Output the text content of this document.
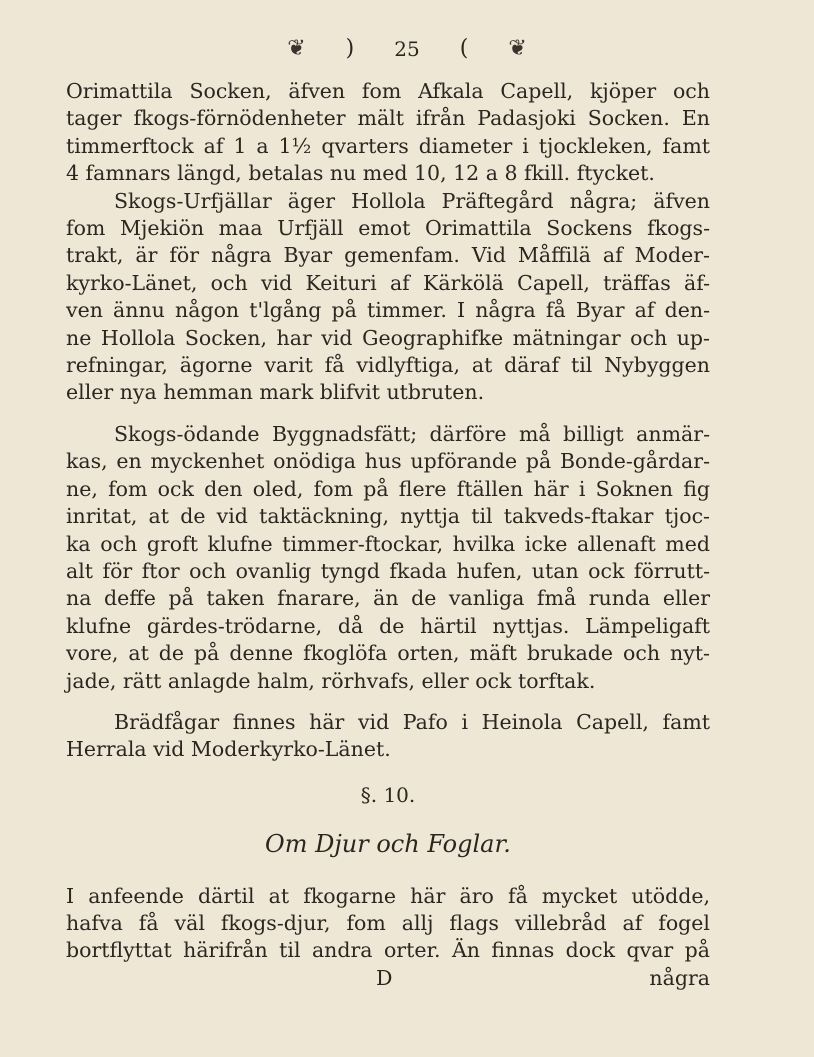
❦ ) 25 ( ❦

Orimattila Socken, äfven fom Afkala Capell, kjöper och

tager fkogs-förnödenheter mält ifrån Padasjoki Socken. En

timmerftock af 1 a 1½ qvarters diameter i tjockleken, famt

4 famnars längd, betalas nu med 10, 12 a 8 fkill. ftycket.

Skogs-Urfjällar äger Hollola Präftegård några; äfven

fom Mjekiön maa Urfjäll emot Orimattila Sockens fkogs-

trakt, är för några Byar gemenfam. Vid Måffilä af Moder-

kyrko-Länet, och vid Keituri af Kärkölä Capell, träffas äf-

ven ännu någon t'lgång på timmer. I några få Byar af den-

ne Hollola Socken, har vid Geographifke mätningar och up-

refningar, ägorne varit få vidlyftiga, at däraf til Nybyggen

eller nya hemman mark blifvit utbruten.

Skogs-ödande Byggnadsfätt; därföre må billigt anmär-

kas, en myckenhet onödiga hus upförande på Bonde-gårdar-

ne, fom ock den oled, fom på flere ftällen här i Soknen fig

inritat, at de vid taktäckning, nyttja til takveds-ftakar tjoc-

ka och groft klufne timmer-ftockar, hvilka icke allenaft med

alt för ftor och ovanlig tyngd fkada hufen, utan ock förrutt-

na deffe på taken fnarare, än de vanliga fmå runda eller

klufne gärdes-trödarne, då de härtil nyttjas. Lämpeligaft

vore, at de på denne fkoglöfa orten, mäft brukade och nyt-

jade, rätt anlagde halm, rörhvafs, eller ock torftak.

Brädfågar finnes här vid Pafo i Heinola Capell, famt

Herrala vid Moderkyrko-Länet.

§. 10.
Om Djur och Foglar.

I anfeende därtil at fkogarne här äro få mycket utödde,

hafva få väl fkogs-djur, fom allj flags villebråd af fogel

bortflyttat härifrån til andra orter. Än finnas dock qvar på

D	några
